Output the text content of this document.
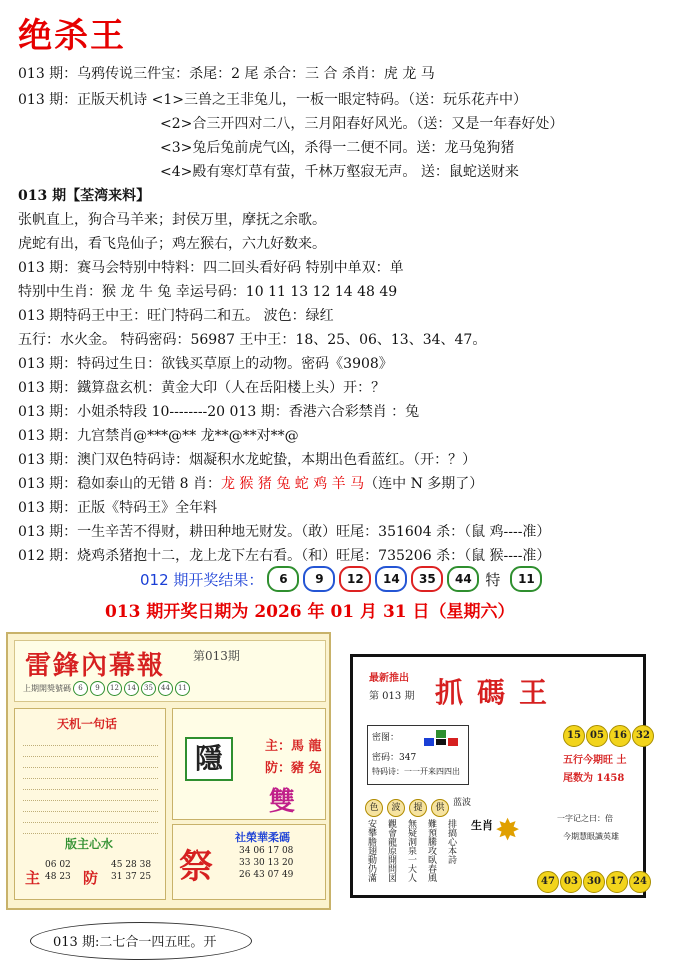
绝杀王
013 期：乌鸦传说三件宝：杀尾：2 尾 杀合：三 合 杀肖：虎 龙 马
013 期：正版天机诗 <1>三兽之王非兔儿，一板一眼定特码。（送：玩乐花卉中）
<2>合三开四对二八，三月阳春好风光。（送：又是一年春好处）
<3>兔后兔前虎气凶，杀得一二便不同。送：龙马兔狗猪
<4>殿有寒灯草有萤，千林万壑寂无声。 送：鼠蛇送财来
013 期【荃湾来料】
张帆直上，狗合马羊来；封侯万里，摩抚之余歌。
虎蛇有出，看飞凫仙子；鸡左猴右，六九好数来。
013 期：赛马会特别中特料：四二回头看好码 特别中单双：单
特别中生肖：猴 龙 牛 兔 幸运号码：10 11 13 12 14 48 49
013 期特码王中王：旺门特码二和五。 波色：绿红
五行：水火金。 特码密码：56987 王中王：18、25、06、13、34、47。
013 期：特码过生日：欲钱买草原上的动物。密码《3908》
013 期：鐵算盘玄机：黄金大印（人在岳阳楼上头）开：？
013 期：小姐杀特段 10--------20 013 期：香港六合彩禁肖 ：兔
013 期：九宫禁肖@***@** 龙**@**对**@
013 期：澳门双色特码诗：烟凝积水龙蛇蛰，本期出色看蓝红。（开：？）
013 期：稳如泰山的无错 8 肖：龙 猴 猪 兔 蛇 鸡 羊 马（连中 N 多期了）
013 期：正版《特码王》全年料
013 期：一生辛苦不得财，耕田种地无财发。（敢）旺尾：351604 杀：（鼠 鸡----准）
012 期：烧鸡杀猪抱十二，龙上龙下左右看。（和）旺尾：735206 杀：（鼠 猴----准）
012 期开奖结果：	6 9 12 14 35 44 特	11
013 期开奖日期为 2026 年 01 月 31 日（星期六）
雷鋒內幕報 第013期
上期開獎號碼	6 9 12 14 35 44 11
天机一句话
版主心水
主
06 02
48 23 防
45 28 38
31 37 25
隱	主：馬 龍
防：豬 兔
雙
祭
社榮華柔碼
34 06 17 08
33 30 13 20
26 43 07 49
最新推出
第 013 期 抓碼王
密图：
密码：347
特码诗：一一开来四四出
15 05 16 32
五行今期旺 土
尾数为 1458
色 波 提 供 蓝波
安攀膽翅動仍滿 觀會龍原開問図 無疑洞泉一大人 難預騰攻臥春風 排搞心本詩 生肖 ✸	一字记之曰：倍
今期慧眼識英雄
47 03 30 17 24
013 期:二七合一四五旺。开
